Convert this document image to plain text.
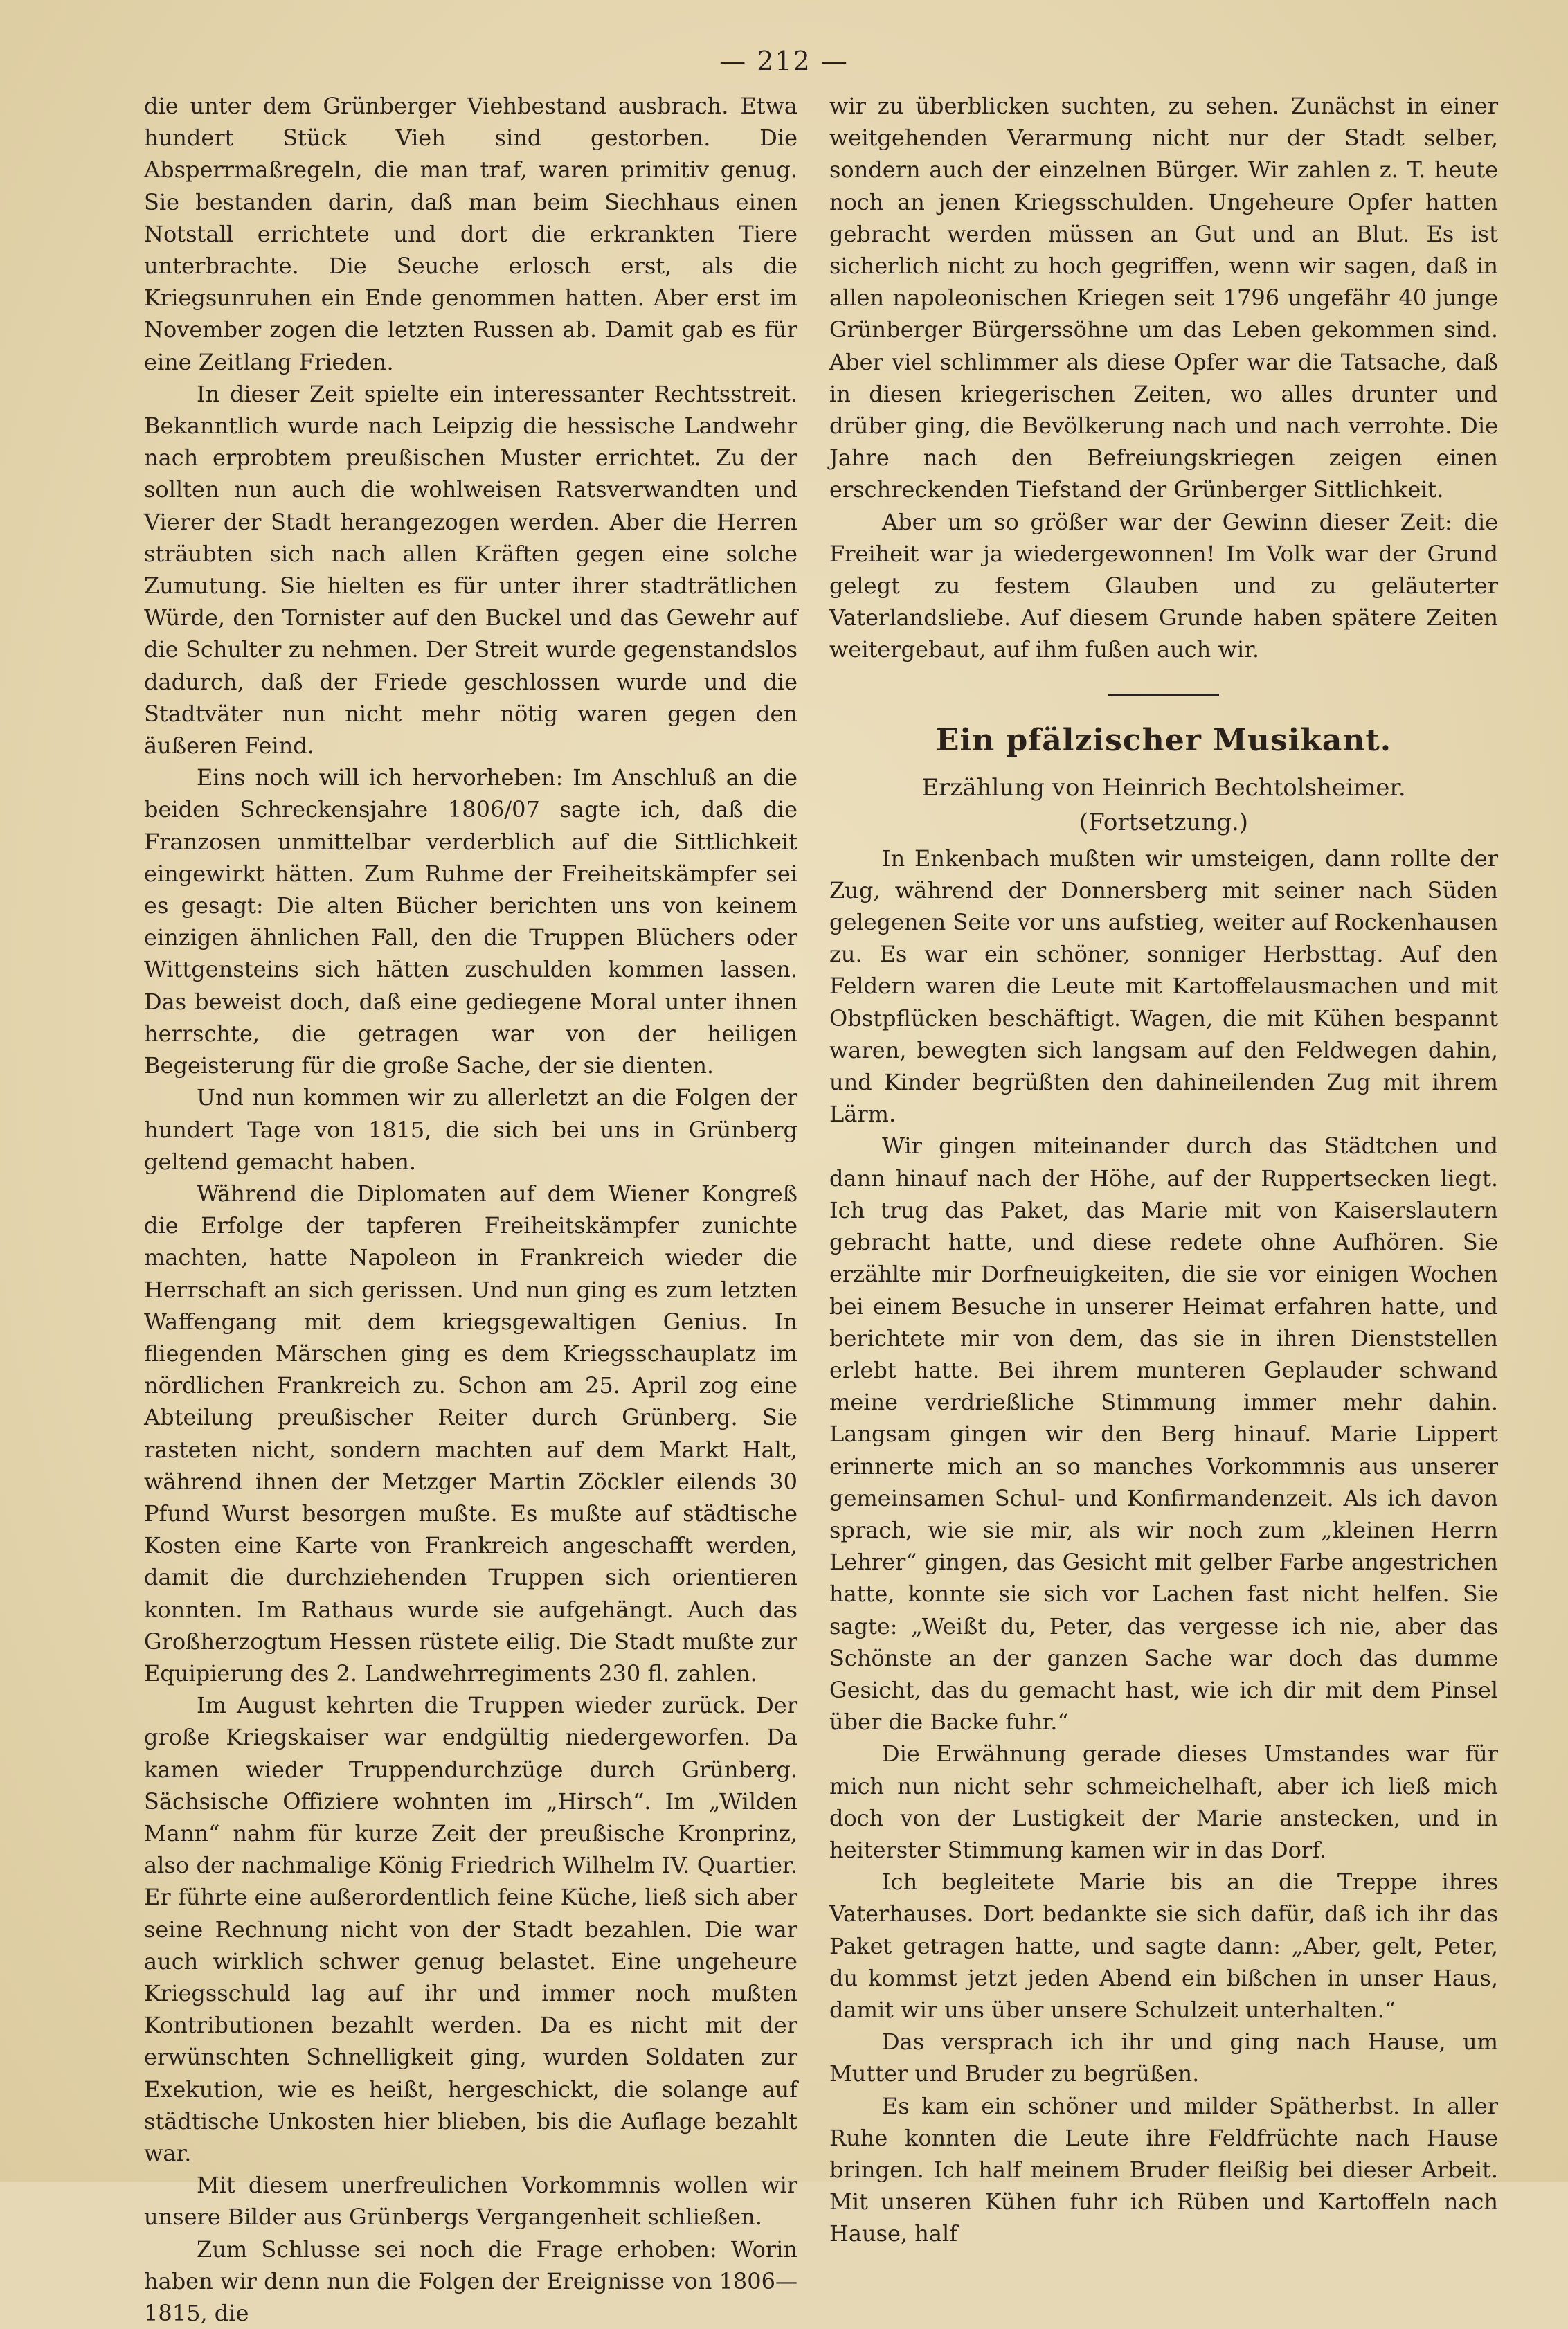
— 212 —

die unter dem Grünberger Viehbestand ausbrach. Etwa hundert Stück Vieh sind gestorben. Die Absperrmaßregeln, die man traf, waren primitiv genug. Sie bestanden darin, daß man beim Siechhaus einen Notstall errichtete und dort die erkrankten Tiere unterbrachte. Die Seuche erlosch erst, als die Kriegsunruhen ein Ende genommen hatten. Aber erst im November zogen die letzten Russen ab. Damit gab es für eine Zeitlang Frieden.

In dieser Zeit spielte ein interessanter Rechtsstreit. Bekanntlich wurde nach Leipzig die hessische Landwehr nach erprobtem preußischen Muster errichtet. Zu der sollten nun auch die wohlweisen Ratsverwandten und Vierer der Stadt herangezogen werden. Aber die Herren sträubten sich nach allen Kräften gegen eine solche Zumutung. Sie hielten es für unter ihrer stadträtlichen Würde, den Tornister auf den Buckel und das Gewehr auf die Schulter zu nehmen. Der Streit wurde gegenstandslos dadurch, daß der Friede geschlossen wurde und die Stadtväter nun nicht mehr nötig waren gegen den äußeren Feind.

Eins noch will ich hervorheben: Im Anschluß an die beiden Schreckensjahre 1806/07 sagte ich, daß die Franzosen unmittelbar verderblich auf die Sittlichkeit eingewirkt hätten. Zum Ruhme der Freiheitskämpfer sei es gesagt: Die alten Bücher berichten uns von keinem einzigen ähnlichen Fall, den die Truppen Blüchers oder Wittgensteins sich hätten zuschulden kommen lassen. Das beweist doch, daß eine gediegene Moral unter ihnen herrschte, die getragen war von der heiligen Begeisterung für die große Sache, der sie dienten.

Und nun kommen wir zu allerletzt an die Folgen der hundert Tage von 1815, die sich bei uns in Grünberg geltend gemacht haben.

Während die Diplomaten auf dem Wiener Kongreß die Erfolge der tapferen Freiheitskämpfer zunichte machten, hatte Napoleon in Frankreich wieder die Herrschaft an sich gerissen. Und nun ging es zum letzten Waffengang mit dem kriegsgewaltigen Genius. In fliegenden Märschen ging es dem Kriegsschauplatz im nördlichen Frankreich zu. Schon am 25. April zog eine Abteilung preußischer Reiter durch Grünberg. Sie rasteten nicht, sondern machten auf dem Markt Halt, während ihnen der Metzger Martin Zöckler eilends 30 Pfund Wurst besorgen mußte. Es mußte auf städtische Kosten eine Karte von Frankreich angeschafft werden, damit die durchziehenden Truppen sich orientieren konnten. Im Rathaus wurde sie aufgehängt. Auch das Großherzogtum Hessen rüstete eilig. Die Stadt mußte zur Equipierung des 2. Landwehrregiments 230 fl. zahlen.

Im August kehrten die Truppen wieder zurück. Der große Kriegskaiser war endgültig niedergeworfen. Da kamen wieder Truppendurchzüge durch Grünberg. Sächsische Offiziere wohnten im „Hirsch“. Im „Wilden Mann“ nahm für kurze Zeit der preußische Kronprinz, also der nachmalige König Friedrich Wilhelm IV. Quartier. Er führte eine außerordentlich feine Küche, ließ sich aber seine Rechnung nicht von der Stadt bezahlen. Die war auch wirklich schwer genug belastet. Eine ungeheure Kriegsschuld lag auf ihr und immer noch mußten Kontributionen bezahlt werden. Da es nicht mit der erwünschten Schnelligkeit ging, wurden Soldaten zur Exekution, wie es heißt, hergeschickt, die solange auf städtische Unkosten hier blieben, bis die Auflage bezahlt war.

Mit diesem unerfreulichen Vorkommnis wollen wir unsere Bilder aus Grünbergs Vergangenheit schließen.

Zum Schlusse sei noch die Frage erhoben: Worin haben wir denn nun die Folgen der Ereignisse von 1806—1815, die

wir zu überblicken suchten, zu sehen. Zunächst in einer weitgehenden Verarmung nicht nur der Stadt selber, sondern auch der einzelnen Bürger. Wir zahlen z. T. heute noch an jenen Kriegsschulden. Ungeheure Opfer hatten gebracht werden müssen an Gut und an Blut. Es ist sicherlich nicht zu hoch gegriffen, wenn wir sagen, daß in allen napoleonischen Kriegen seit 1796 ungefähr 40 junge Grünberger Bürgerssöhne um das Leben gekommen sind. Aber viel schlimmer als diese Opfer war die Tatsache, daß in diesen kriegerischen Zeiten, wo alles drunter und drüber ging, die Bevölkerung nach und nach verrohte. Die Jahre nach den Befreiungskriegen zeigen einen erschreckenden Tiefstand der Grünberger Sittlichkeit.

Aber um so größer war der Gewinn dieser Zeit: die Freiheit war ja wiedergewonnen! Im Volk war der Grund gelegt zu festem Glauben und zu geläuterter Vaterlandsliebe. Auf diesem Grunde haben spätere Zeiten weitergebaut, auf ihm fußen auch wir.

Ein pfälzischer Musikant.
Erzählung von Heinrich Bechtolsheimer.
(Fortsetzung.)

In Enkenbach mußten wir umsteigen, dann rollte der Zug, während der Donnersberg mit seiner nach Süden gelegenen Seite vor uns aufstieg, weiter auf Rockenhausen zu. Es war ein schöner, sonniger Herbsttag. Auf den Feldern waren die Leute mit Kartoffelausmachen und mit Obstpflücken beschäftigt. Wagen, die mit Kühen bespannt waren, bewegten sich langsam auf den Feldwegen dahin, und Kinder begrüßten den dahineilenden Zug mit ihrem Lärm.

Wir gingen miteinander durch das Städtchen und dann hinauf nach der Höhe, auf der Ruppertsecken liegt. Ich trug das Paket, das Marie mit von Kaiserslautern gebracht hatte, und diese redete ohne Aufhören. Sie erzählte mir Dorfneuigkeiten, die sie vor einigen Wochen bei einem Besuche in unserer Heimat erfahren hatte, und berichtete mir von dem, das sie in ihren Dienststellen erlebt hatte. Bei ihrem munteren Geplauder schwand meine verdrießliche Stimmung immer mehr dahin. Langsam gingen wir den Berg hinauf. Marie Lippert erinnerte mich an so manches Vorkommnis aus unserer gemeinsamen Schul- und Konfirmandenzeit. Als ich davon sprach, wie sie mir, als wir noch zum „kleinen Herrn Lehrer“ gingen, das Gesicht mit gelber Farbe angestrichen hatte, konnte sie sich vor Lachen fast nicht helfen. Sie sagte: „Weißt du, Peter, das vergesse ich nie, aber das Schönste an der ganzen Sache war doch das dumme Gesicht, das du gemacht hast, wie ich dir mit dem Pinsel über die Backe fuhr.“

Die Erwähnung gerade dieses Umstandes war für mich nun nicht sehr schmeichelhaft, aber ich ließ mich doch von der Lustigkeit der Marie anstecken, und in heiterster Stimmung kamen wir in das Dorf.

Ich begleitete Marie bis an die Treppe ihres Vaterhauses. Dort bedankte sie sich dafür, daß ich ihr das Paket getragen hatte, und sagte dann: „Aber, gelt, Peter, du kommst jetzt jeden Abend ein bißchen in unser Haus, damit wir uns über unsere Schulzeit unterhalten.“

Das versprach ich ihr und ging nach Hause, um Mutter und Bruder zu begrüßen.

Es kam ein schöner und milder Spätherbst. In aller Ruhe konnten die Leute ihre Feldfrüchte nach Hause bringen. Ich half meinem Bruder fleißig bei dieser Arbeit. Mit unseren Kühen fuhr ich Rüben und Kartoffeln nach Hause, half
